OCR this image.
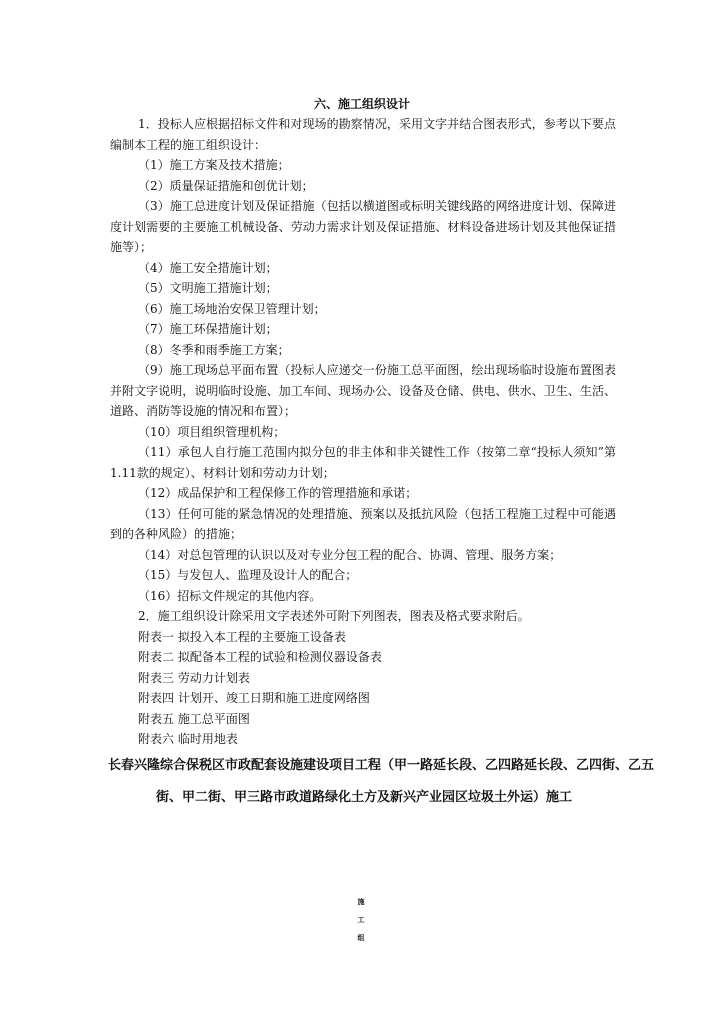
六、施工组织设计

1．投标人应根据招标文件和对现场的勘察情况，采用文字并结合图表形式，参考以下要点编制本工程的施工组织设计：

（1）施工方案及技术措施；

（2）质量保证措施和创优计划；

（3）施工总进度计划及保证措施（包括以横道图或标明关键线路的网络进度计划、保障进度计划需要的主要施工机械设备、劳动力需求计划及保证措施、材料设备进场计划及其他保证措施等）；

（4）施工安全措施计划；

（5）文明施工措施计划；

（6）施工场地治安保卫管理计划；

（7）施工环保措施计划；

（8）冬季和雨季施工方案；

（9）施工现场总平面布置（投标人应递交一份施工总平面图，绘出现场临时设施布置图表并附文字说明，说明临时设施、加工车间、现场办公、设备及仓储、供电、供水、卫生、生活、道路、消防等设施的情况和布置）；

（10）项目组织管理机构；

（11）承包人自行施工范围内拟分包的非主体和非关键性工作（按第二章“投标人须知”第1.11款的规定）、材料计划和劳动力计划；

（12）成品保护和工程保修工作的管理措施和承诺；

（13）任何可能的紧急情况的处理措施、预案以及抵抗风险（包括工程施工过程中可能遇到的各种风险）的措施；

（14）对总包管理的认识以及对专业分包工程的配合、协调、管理、服务方案；

（15）与发包人、监理及设计人的配合；

（16）招标文件规定的其他内容。

2．施工组织设计除采用文字表述外可附下列图表，图表及格式要求附后。

附表一 拟投入本工程的主要施工设备表
附表二 拟配备本工程的试验和检测仪器设备表
附表三 劳动力计划表
附表四 计划开、竣工日期和施工进度网络图
附表五 施工总平面图
附表六 临时用地表
长春兴隆综合保税区市政配套设施建设项目工程（甲一路延长段、乙四路延长段、乙四街、乙五
街、甲二街、甲三路市政道路绿化土方及新兴产业园区垃圾土外运）施工
施
工
组
